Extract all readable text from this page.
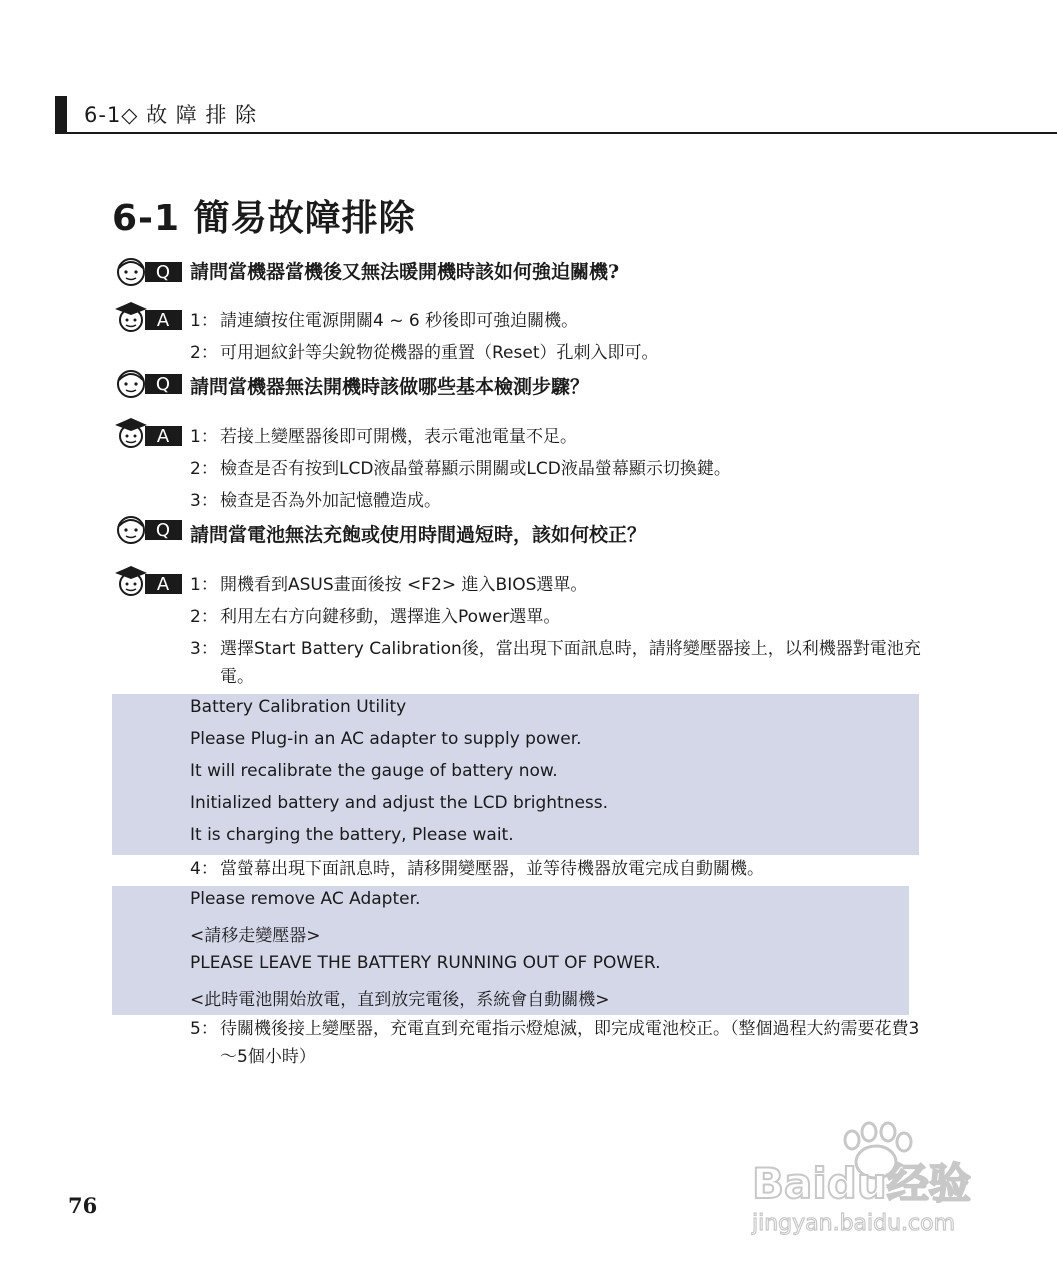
6-1◇ 故 障 排 除
6-1 簡易故障排除
Q 請問當機器當機後又無法暖開機時該如何強迫關機?
A 1： 請連續按住電源開關4 ~ 6 秒後即可強迫關機。
2： 可用迴紋針等尖銳物從機器的重置（Reset）孔刺入即可。
Q 請問當機器無法開機時該做哪些基本檢測步驟？
A 1： 若接上變壓器後即可開機，表示電池電量不足。
2： 檢查是否有按到LCD液晶螢幕顯示開關或LCD液晶螢幕顯示切換鍵。
3： 檢查是否為外加記憶體造成。
Q 請問當電池無法充飽或使用時間過短時，該如何校正？
A 1： 開機看到ASUS畫面後按 <F2> 進入BIOS選單。
2： 利用左右方向鍵移動，選擇進入Power選單。
3： 選擇Start Battery Calibration後，當出現下面訊息時，請將變壓器接上，以利機器對電池充電。
Battery Calibration Utility
Please Plug-in an AC adapter to supply power.
It will recalibrate the gauge of battery now.
Initialized battery and adjust the LCD brightness.
It is charging the battery, Please wait.
4： 當螢幕出現下面訊息時，請移開變壓器，並等待機器放電完成自動關機。
Please remove AC Adapter.
<請移走變壓器>
PLEASE LEAVE THE BATTERY RUNNING OUT OF POWER.
<此時電池開始放電，直到放完電後，系統會自動關機>
5： 待關機後接上變壓器，充電直到充電指示燈熄滅，即完成電池校正。（整個過程大約需要花費3～5個小時）
76	Baidu经验
jingyan.baidu.com
